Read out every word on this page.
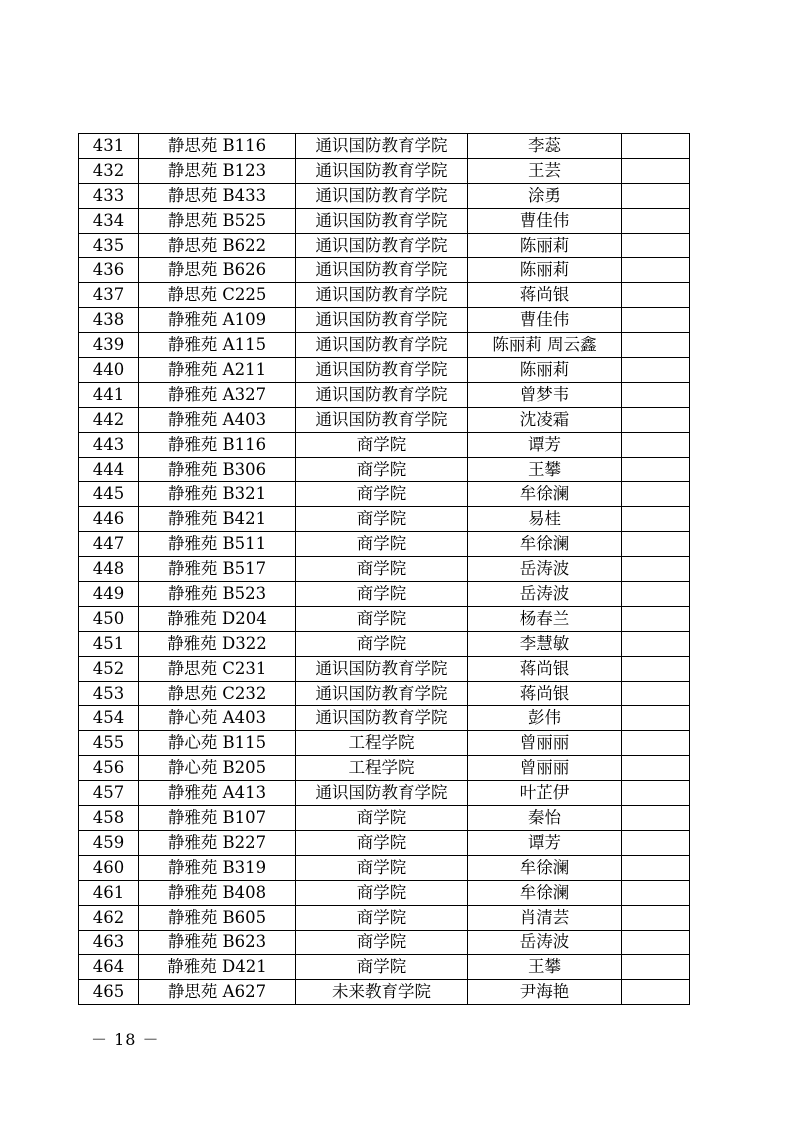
431	静思苑 B116	通识国防教育学院	李蕊	
432	静思苑 B123	通识国防教育学院	王芸	
433	静思苑 B433	通识国防教育学院	涂勇	
434	静思苑 B525	通识国防教育学院	曹佳伟	
435	静思苑 B622	通识国防教育学院	陈丽莉	
436	静思苑 B626	通识国防教育学院	陈丽莉	
437	静思苑 C225	通识国防教育学院	蒋尚银	
438	静雅苑 A109	通识国防教育学院	曹佳伟	
439	静雅苑 A115	通识国防教育学院	陈丽莉 周云鑫	
440	静雅苑 A211	通识国防教育学院	陈丽莉	
441	静雅苑 A327	通识国防教育学院	曾梦韦	
442	静雅苑 A403	通识国防教育学院	沈凌霜	
443	静雅苑 B116	商学院	谭芳	
444	静雅苑 B306	商学院	王攀	
445	静雅苑 B321	商学院	牟徐澜	
446	静雅苑 B421	商学院	易桂	
447	静雅苑 B511	商学院	牟徐澜	
448	静雅苑 B517	商学院	岳涛波	
449	静雅苑 B523	商学院	岳涛波	
450	静雅苑 D204	商学院	杨春兰	
451	静雅苑 D322	商学院	李慧敏	
452	静思苑 C231	通识国防教育学院	蒋尚银	
453	静思苑 C232	通识国防教育学院	蒋尚银	
454	静心苑 A403	通识国防教育学院	彭伟	
455	静心苑 B115	工程学院	曾丽丽	
456	静心苑 B205	工程学院	曾丽丽	
457	静雅苑 A413	通识国防教育学院	叶芷伊	
458	静雅苑 B107	商学院	秦怡	
459	静雅苑 B227	商学院	谭芳	
460	静雅苑 B319	商学院	牟徐澜	
461	静雅苑 B408	商学院	牟徐澜	
462	静雅苑 B605	商学院	肖清芸	
463	静雅苑 B623	商学院	岳涛波	
464	静雅苑 D421	商学院	王攀	
465	静思苑 A627	未来教育学院	尹海艳	
－ 18 －
